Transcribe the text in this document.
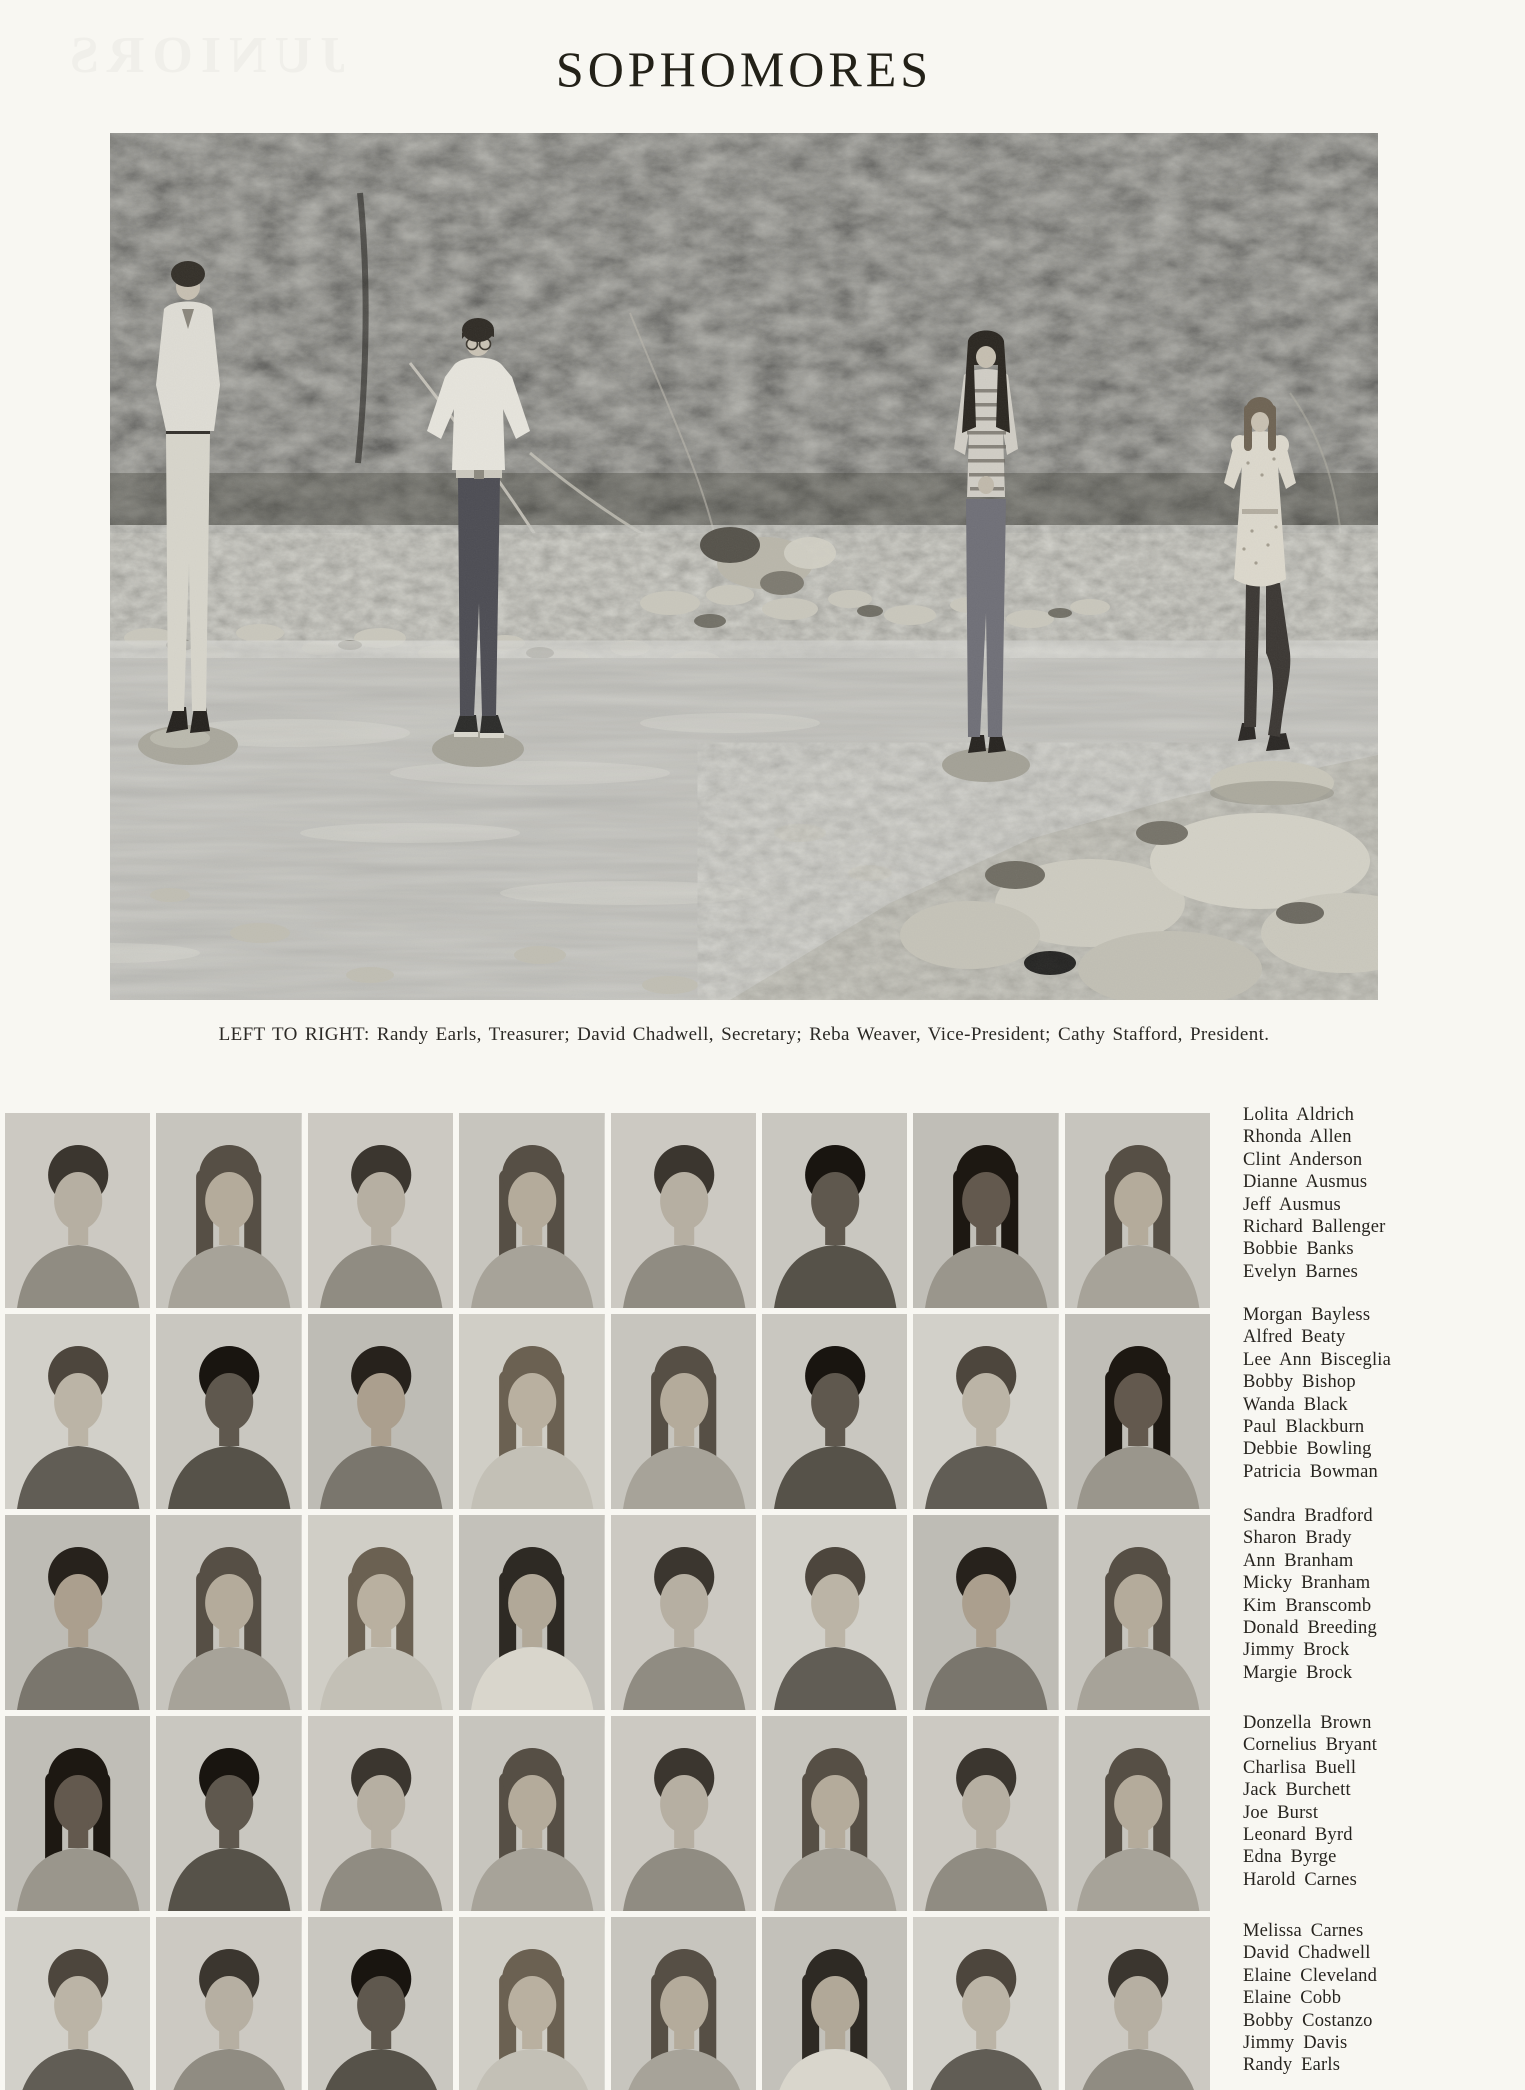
JUNIORS	SOPHOMORES
LEFT TO RIGHT: Randy Earls, Treasurer; David Chadwell, Secretary; Reba Weaver, Vice-President; Cathy Stafford, President.
Lolita Aldrich
Rhonda Allen
Clint Anderson
Dianne Ausmus
Jeff Ausmus
Richard Ballenger
Bobbie Banks
Evelyn Barnes
Morgan Bayless
Alfred Beaty
Lee Ann Bisceglia
Bobby Bishop
Wanda Black
Paul Blackburn
Debbie Bowling
Patricia Bowman
Sandra Bradford
Sharon Brady
Ann Branham
Micky Branham
Kim Branscomb
Donald Breeding
Jimmy Brock
Margie Brock
Donzella Brown
Cornelius Bryant
Charlisa Buell
Jack Burchett
Joe Burst
Leonard Byrd
Edna Byrge
Harold Carnes
Melissa Carnes
David Chadwell
Elaine Cleveland
Elaine Cobb
Bobby Costanzo
Jimmy Davis
Randy Earls
